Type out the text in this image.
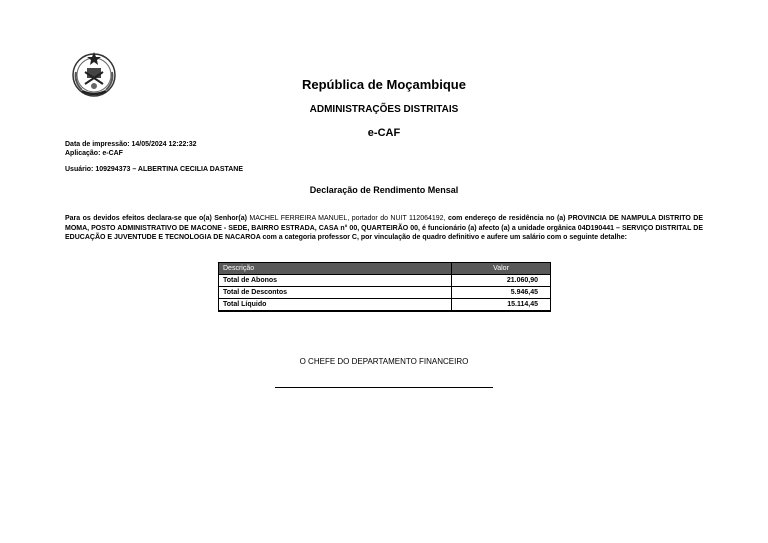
República de Moçambique
ADMINISTRAÇÕES DISTRITAIS
e-CAF
Data de impressão: 14/05/2024 12:22:32
Aplicação: e-CAF
Usuário: 109294373 – ALBERTINA CECILIA DASTANE
Declaração de Rendimento Mensal
Para os devidos efeitos declara-se que o(a) Senhor(a) MACHEL FERREIRA MANUEL, portador do NUIT 112064192, com endereço de residência no (a) PROVINCIA DE NAMPULA DISTRITO DE MOMA, POSTO ADMINISTRATIVO DE MACONE - SEDE, BAIRRO ESTRADA, CASA n° 00, QUARTEIRÃO 00, é funcionário (a) afecto (a) a unidade orgânica 04D190441 – SERVIÇO DISTRITAL DE EDUCAÇÃO E JUVENTUDE E TECNOLOGIA DE NACAROA com a categoria professor C, por vinculação de quadro definitivo e aufere um salário com o seguinte detalhe:
Descrição	Valor
Total de Abonos	21.060,90
Total de Descontos	5.946,45
Total Líquido	15.114,45
O CHEFE DO DEPARTAMENTO FINANCEIRO
